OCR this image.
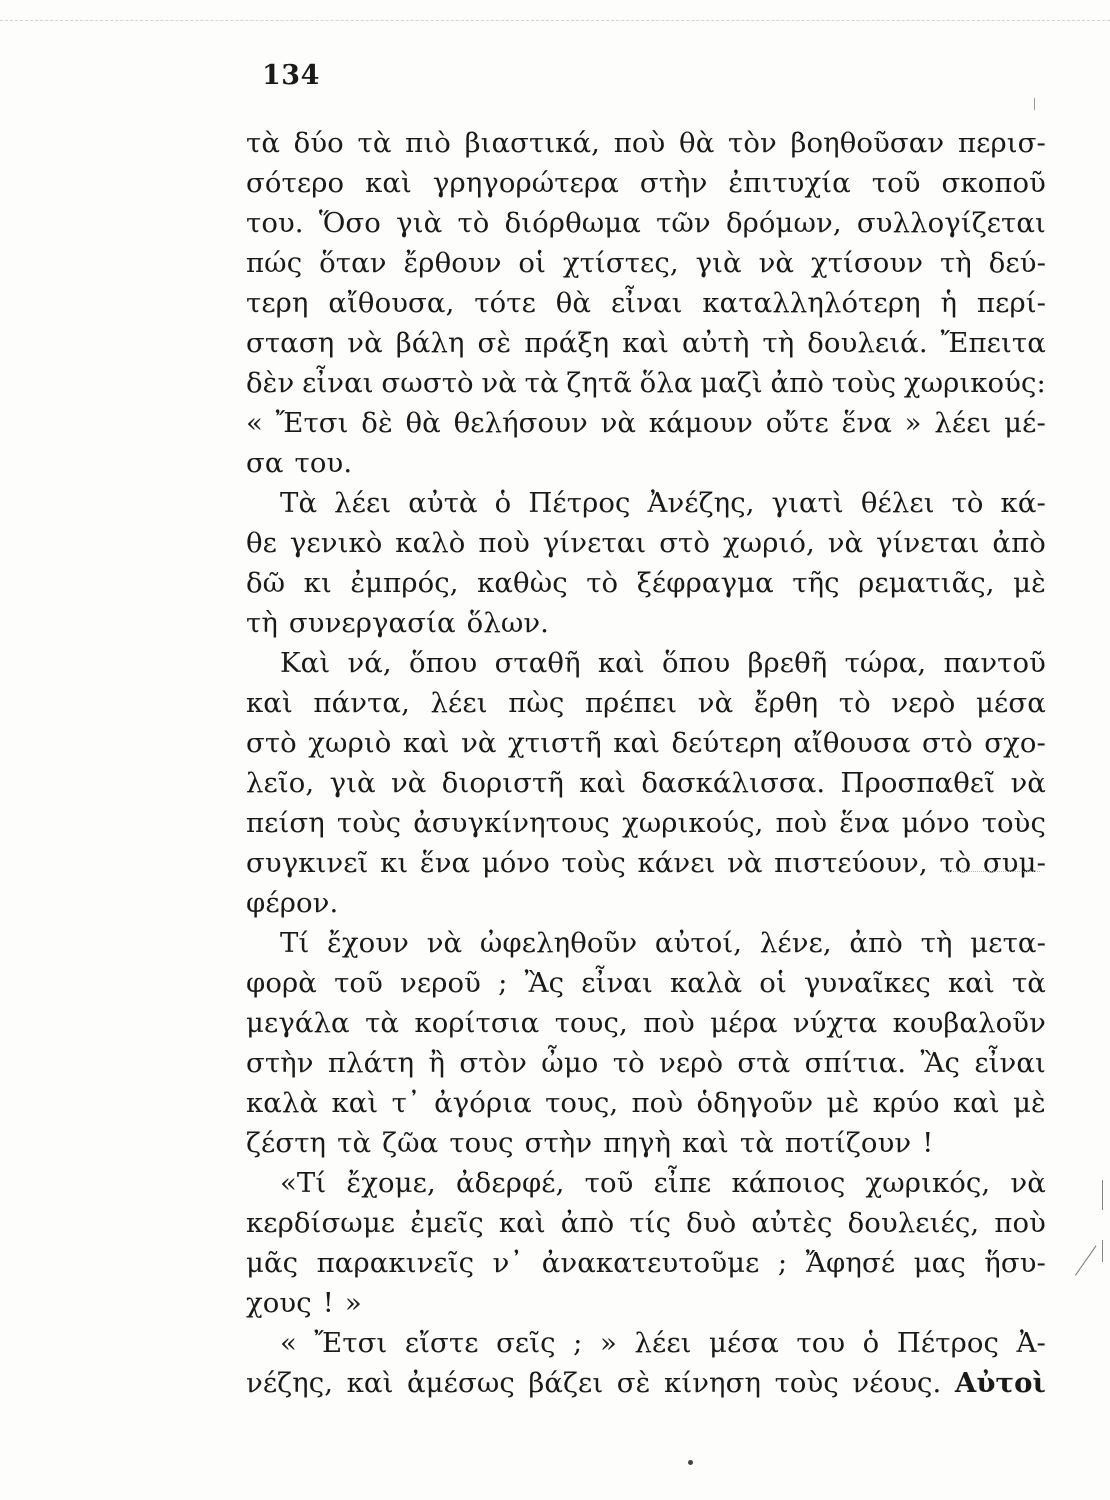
134
τὰ δύο τὰ πιὸ βιαστικά, ποὺ θὰ τὸν βοηθοῦσαν περισ-
σότερο καὶ γρηγορώτερα στὴν ἐπιτυχία τοῦ σκοποῦ
του. Ὅσο γιὰ τὸ διόρθωμα τῶν δρόμων, συλλογίζεται
πώς ὅταν ἔρθουν οἱ χτίστες, γιὰ νὰ χτίσουν τὴ δεύ-
τερη αἴθουσα, τότε θὰ εἶναι καταλληλότερη ἡ περί-
σταση νὰ βάλη σὲ πράξη καὶ αὐτὴ τὴ δουλειά. Ἔπειτα
δὲν εἶναι σωστὸ νὰ τὰ ζητᾶ ὅλα μαζὶ ἀπὸ τοὺς χωρικούς:
« Ἔτσι δὲ θὰ θελήσουν νὰ κάμουν οὔτε ἕνα » λέει μέ-
σα του.
Τὰ λέει αὐτὰ ὁ Πέτρος Ἀνέζης, γιατὶ θέλει τὸ κά-
θε γενικὸ καλὸ ποὺ γίνεται στὸ χωριό, νὰ γίνεται ἀπὸ
δῶ κι ἐμπρός, καθὼς τὸ ξέφραγμα τῆς ρεματιᾶς, μὲ
τὴ συνεργασία ὅλων.
Καὶ νά, ὅπου σταθῆ καὶ ὅπου βρεθῆ τώρα, παντοῦ
καὶ πάντα, λέει πὼς πρέπει νὰ ἔρθη τὸ νερὸ μέσα
στὸ χωριὸ καὶ νὰ χτιστῆ καὶ δεύτερη αἴθουσα στὸ σχο-
λεῖο, γιὰ νὰ διοριστῆ καὶ δασκάλισσα. Προσπαθεῖ νὰ
πείση τοὺς ἀσυγκίνητους χωρικούς, ποὺ ἕνα μόνο τοὺς
συγκινεῖ κι ἕνα μόνο τοὺς κάνει νὰ πιστεύουν, τὸ συμ-
φέρον.
Τί ἔχουν νὰ ὠφεληθοῦν αὐτοί, λένε, ἀπὸ τὴ μετα-
φορὰ τοῦ νεροῦ ; Ἂς εἶναι καλὰ οἱ γυναῖκες καὶ τὰ
μεγάλα τὰ κορίτσια τους, ποὺ μέρα νύχτα κουβαλοῦν
στὴν πλάτη ἢ στὸν ὦμο τὸ νερὸ στὰ σπίτια. Ἂς εἶναι
καλὰ καὶ τ᾿ ἀγόρια τους, ποὺ ὁδηγοῦν μὲ κρύο καὶ μὲ
ζέστη τὰ ζῶα τους στὴν πηγὴ καὶ τὰ ποτίζουν !
«Τί ἔχομε, ἀδερφέ, τοῦ εἶπε κάποιος χωρικός, νὰ
κερδίσωμε ἐμεῖς καὶ ἀπὸ τίς δυὸ αὐτὲς δουλειές, ποὺ
μᾶς παρακινεῖς ν᾿ ἀνακατευτοῦμε ; Ἄφησέ μας ἥσυ-
χους ! »
« Ἔτσι εἴστε σεῖς ; » λέει μέσα του ὁ Πέτρος Ἀ-
νέζης, καὶ ἀμέσως βάζει σὲ κίνηση τοὺς νέους. Αὐτοὶ
